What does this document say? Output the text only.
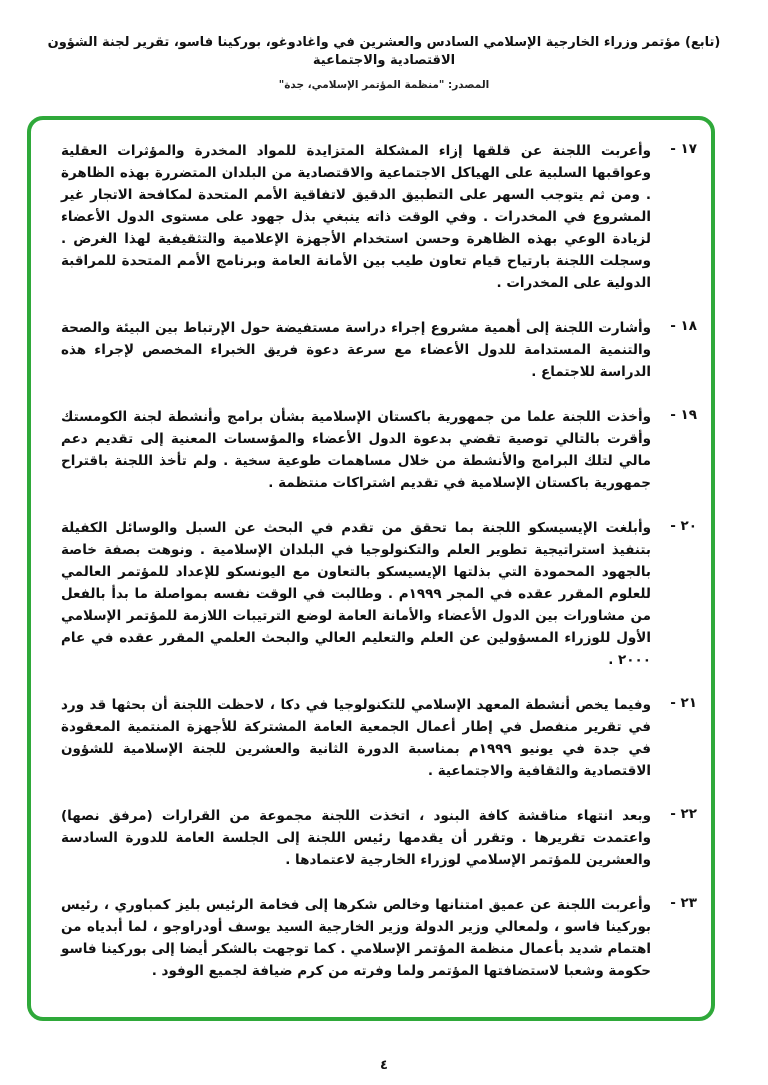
(تابع) مؤتمر وزراء الخارجية الإسلامي السادس والعشرين في واغادوغو، بوركينا فاسو، تقرير لجنة الشؤون الاقتصادية والاجتماعية
المصدر: "منظمة المؤتمر الإسلامي، جدة"
١٧ -

وأعربت اللجنة عن قلقها إزاء المشكلة المتزايدة للمواد المخدرة والمؤثرات العقلية وعواقبها السلبية على الهياكل الاجتماعية والاقتصادية من البلدان المتضررة بهذه الظاهرة . ومن ثم يتوجب السهر على التطبيق الدقيق لاتفاقية الأمم المتحدة لمكافحة الاتجار غير المشروع في المخدرات . وفي الوقت ذاته ينبغي بذل جهود على مستوى الدول الأعضاء لزيادة الوعي بهذه الظاهرة وحسن استخدام الأجهزة الإعلامية والتثقيفية لهذا الغرض . وسجلت اللجنة بارتياح قيام تعاون طيب بين الأمانة العامة وبرنامج الأمم المتحدة للمراقبة الدولية على المخدرات .

١٨ -

وأشارت اللجنة إلى أهمية مشروع إجراء دراسة مستفيضة حول الإرتباط بين البيئة والصحة والتنمية المستدامة للدول الأعضاء مع سرعة دعوة فريق الخبراء المخصص لإجراء هذه الدراسة للاجتماع .

١٩ -

وأخذت اللجنة علما من جمهورية باكستان الإسلامية بشأن برامج وأنشطة لجنة الكومستك وأقرت بالتالي توصية تقضي بدعوة الدول الأعضاء والمؤسسات المعنية إلى تقديم دعم مالي لتلك البرامج والأنشطة من خلال مساهمات طوعية سخية . ولم تأخذ اللجنة باقتراح جمهورية باكستان الإسلامية في تقديم اشتراكات منتظمة .

٢٠ -

وأبلغت الإيسيسكو اللجنة بما تحقق من تقدم في البحث عن السبل والوسائل الكفيلة بتنفيذ استراتيجية تطوير العلم والتكنولوجيا في البلدان الإسلامية . ونوهت بصفة خاصة بالجهود المحمودة التي بذلتها الإيسيسكو بالتعاون مع اليونسكو للإعداد للمؤتمر العالمي للعلوم المقرر عقده في المجر ١٩٩٩م . وطالبت في الوقت نفسه بمواصلة ما بدأ بالفعل من مشاورات بين الدول الأعضاء والأمانة العامة لوضع الترتيبات اللازمة للمؤتمر الإسلامي الأول للوزراء المسؤولين عن العلم والتعليم العالي والبحث العلمي المقرر عقده في عام ٢٠٠٠ .

٢١ -

وفيما يخص أنشطة المعهد الإسلامي للتكنولوجيا في دكا ، لاحظت اللجنة أن بحثها قد ورد في تقرير منفصل في إطار أعمال الجمعية العامة المشتركة للأجهزة المنتمية المعقودة في جدة في يونيو ١٩٩٩م بمناسبة الدورة الثانية والعشرين للجنة الإسلامية للشؤون الاقتصادية والثقافية والاجتماعية .

٢٢ -

وبعد انتهاء مناقشة كافة البنود ، اتخذت اللجنة مجموعة من القرارات (مرفق نصها) واعتمدت تقريرها . وتقرر أن يقدمها رئيس اللجنة إلى الجلسة العامة للدورة السادسة والعشرين للمؤتمر الإسلامي لوزراء الخارجية لاعتمادها .

٢٣ -

وأعربت اللجنة عن عميق امتنانها وخالص شكرها إلى فخامة الرئيس بليز كمباوري ، رئيس بوركينا فاسو ، ولمعالي وزير الدولة وزير الخارجية السيد يوسف أودراوجو ، لما أبدياه من اهتمام شديد بأعمال منظمة المؤتمر الإسلامي . كما توجهت بالشكر أيضا إلى بوركينا فاسو حكومة وشعبا لاستضافتها المؤتمر ولما وفرته من كرم ضيافة لجميع الوفود .

٤
